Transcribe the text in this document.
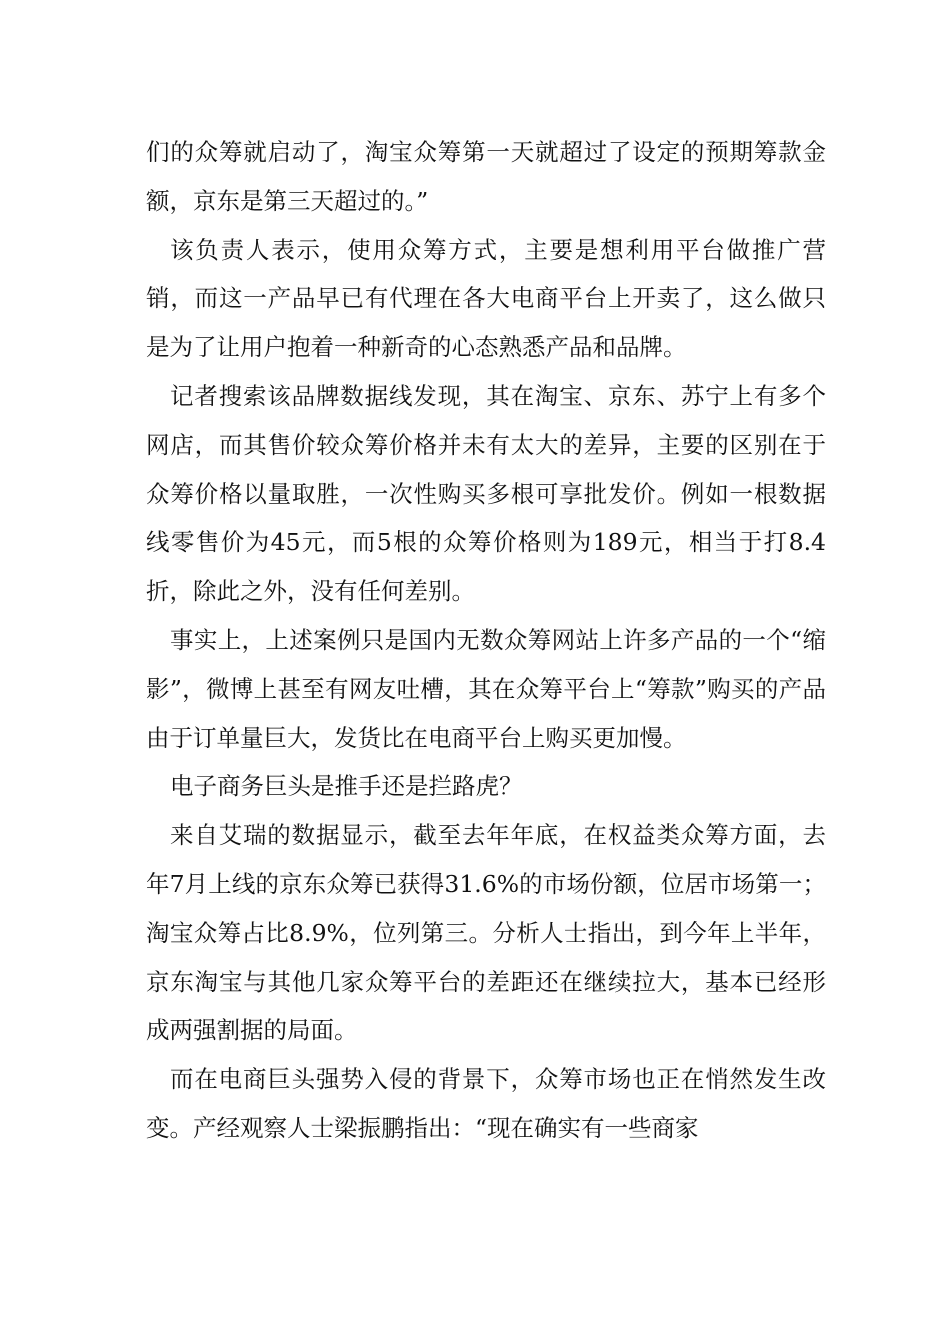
们的众筹就启动了，淘宝众筹第一天就超过了设定的预期筹款金额，京东是第三天超过的。”

该负责人表示，使用众筹方式，主要是想利用平台做推广营销，而这一产品早已有代理在各大电商平台上开卖了，这么做只是为了让用户抱着一种新奇的心态熟悉产品和品牌。

记者搜索该品牌数据线发现，其在淘宝、京东、苏宁上有多个网店，而其售价较众筹价格并未有太大的差异，主要的区别在于众筹价格以量取胜，一次性购买多根可享批发价。例如一根数据线零售价为45元，而5根的众筹价格则为189元，相当于打8.4折，除此之外，没有任何差别。

事实上，上述案例只是国内无数众筹网站上许多产品的一个“缩影”，微博上甚至有网友吐槽，其在众筹平台上“筹款”购买的产品由于订单量巨大，发货比在电商平台上购买更加慢。

电子商务巨头是推手还是拦路虎？

来自艾瑞的数据显示，截至去年年底，在权益类众筹方面，去年7月上线的京东众筹已获得31.6%的市场份额，位居市场第一；淘宝众筹占比8.9%，位列第三。分析人士指出，到今年上半年，京东淘宝与其他几家众筹平台的差距还在继续拉大，基本已经形成两强割据的局面。

而在电商巨头强势入侵的背景下，众筹市场也正在悄然发生改变。产经观察人士梁振鹏指出：“现在确实有一些商家
